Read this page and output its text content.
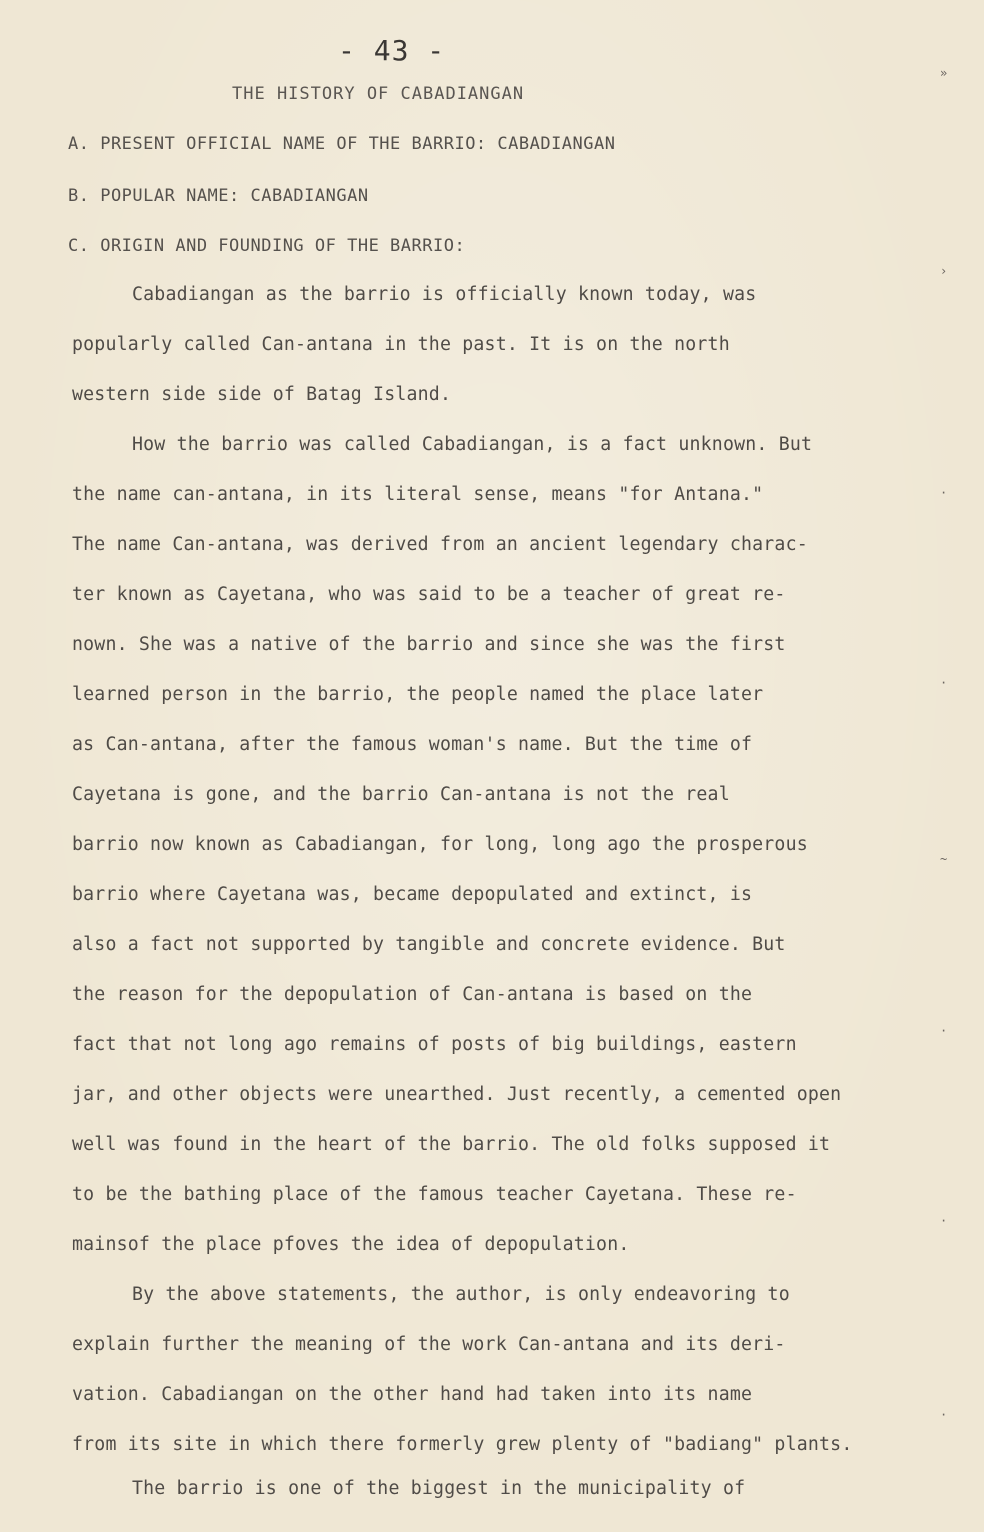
- 43 -
THE HISTORY OF CABADIANGAN
A. PRESENT OFFICIAL NAME OF THE BARRIO: CABADIANGAN
B. POPULAR NAME: CABADIANGAN
C. ORIGIN AND FOUNDING OF THE BARRIO:
Cabadiangan as the barrio is officially known today, was
popularly called Can-antana in the past. It is on the north
western side side of Batag Island.
How the barrio was called Cabadiangan, is a fact unknown. But
the name can-antana, in its literal sense, means "for Antana."
The name Can-antana, was derived from an ancient legendary charac-
ter known as Cayetana, who was said to be a teacher of great re-
nown. She was a native of the barrio and since she was the first
learned person in the barrio, the people named the place later
as Can-antana, after the famous woman's name. But the time of
Cayetana is gone, and the barrio Can-antana is not the real
barrio now known as Cabadiangan, for long, long ago the prosperous
barrio where Cayetana was, became depopulated and extinct, is
also a fact not supported by tangible and concrete evidence. But
the reason for the depopulation of Can-antana is based on the
fact that not long ago remains of posts of big buildings, eastern
jar, and other objects were unearthed. Just recently, a cemented open
well was found in the heart of the barrio. The old folks supposed it
to be the bathing place of the famous teacher Cayetana. These re-
mainsof the place pfoves the idea of depopulation.
By the above statements, the author, is only endeavoring to
explain further the meaning of the work Can-antana and its deri-
vation. Cabadiangan on the other hand had taken into its name
from its site in which there formerly grew plenty of "badiang" plants.
The barrio is one of the biggest in the municipality of
»
›
·
·
~
·
·
·
